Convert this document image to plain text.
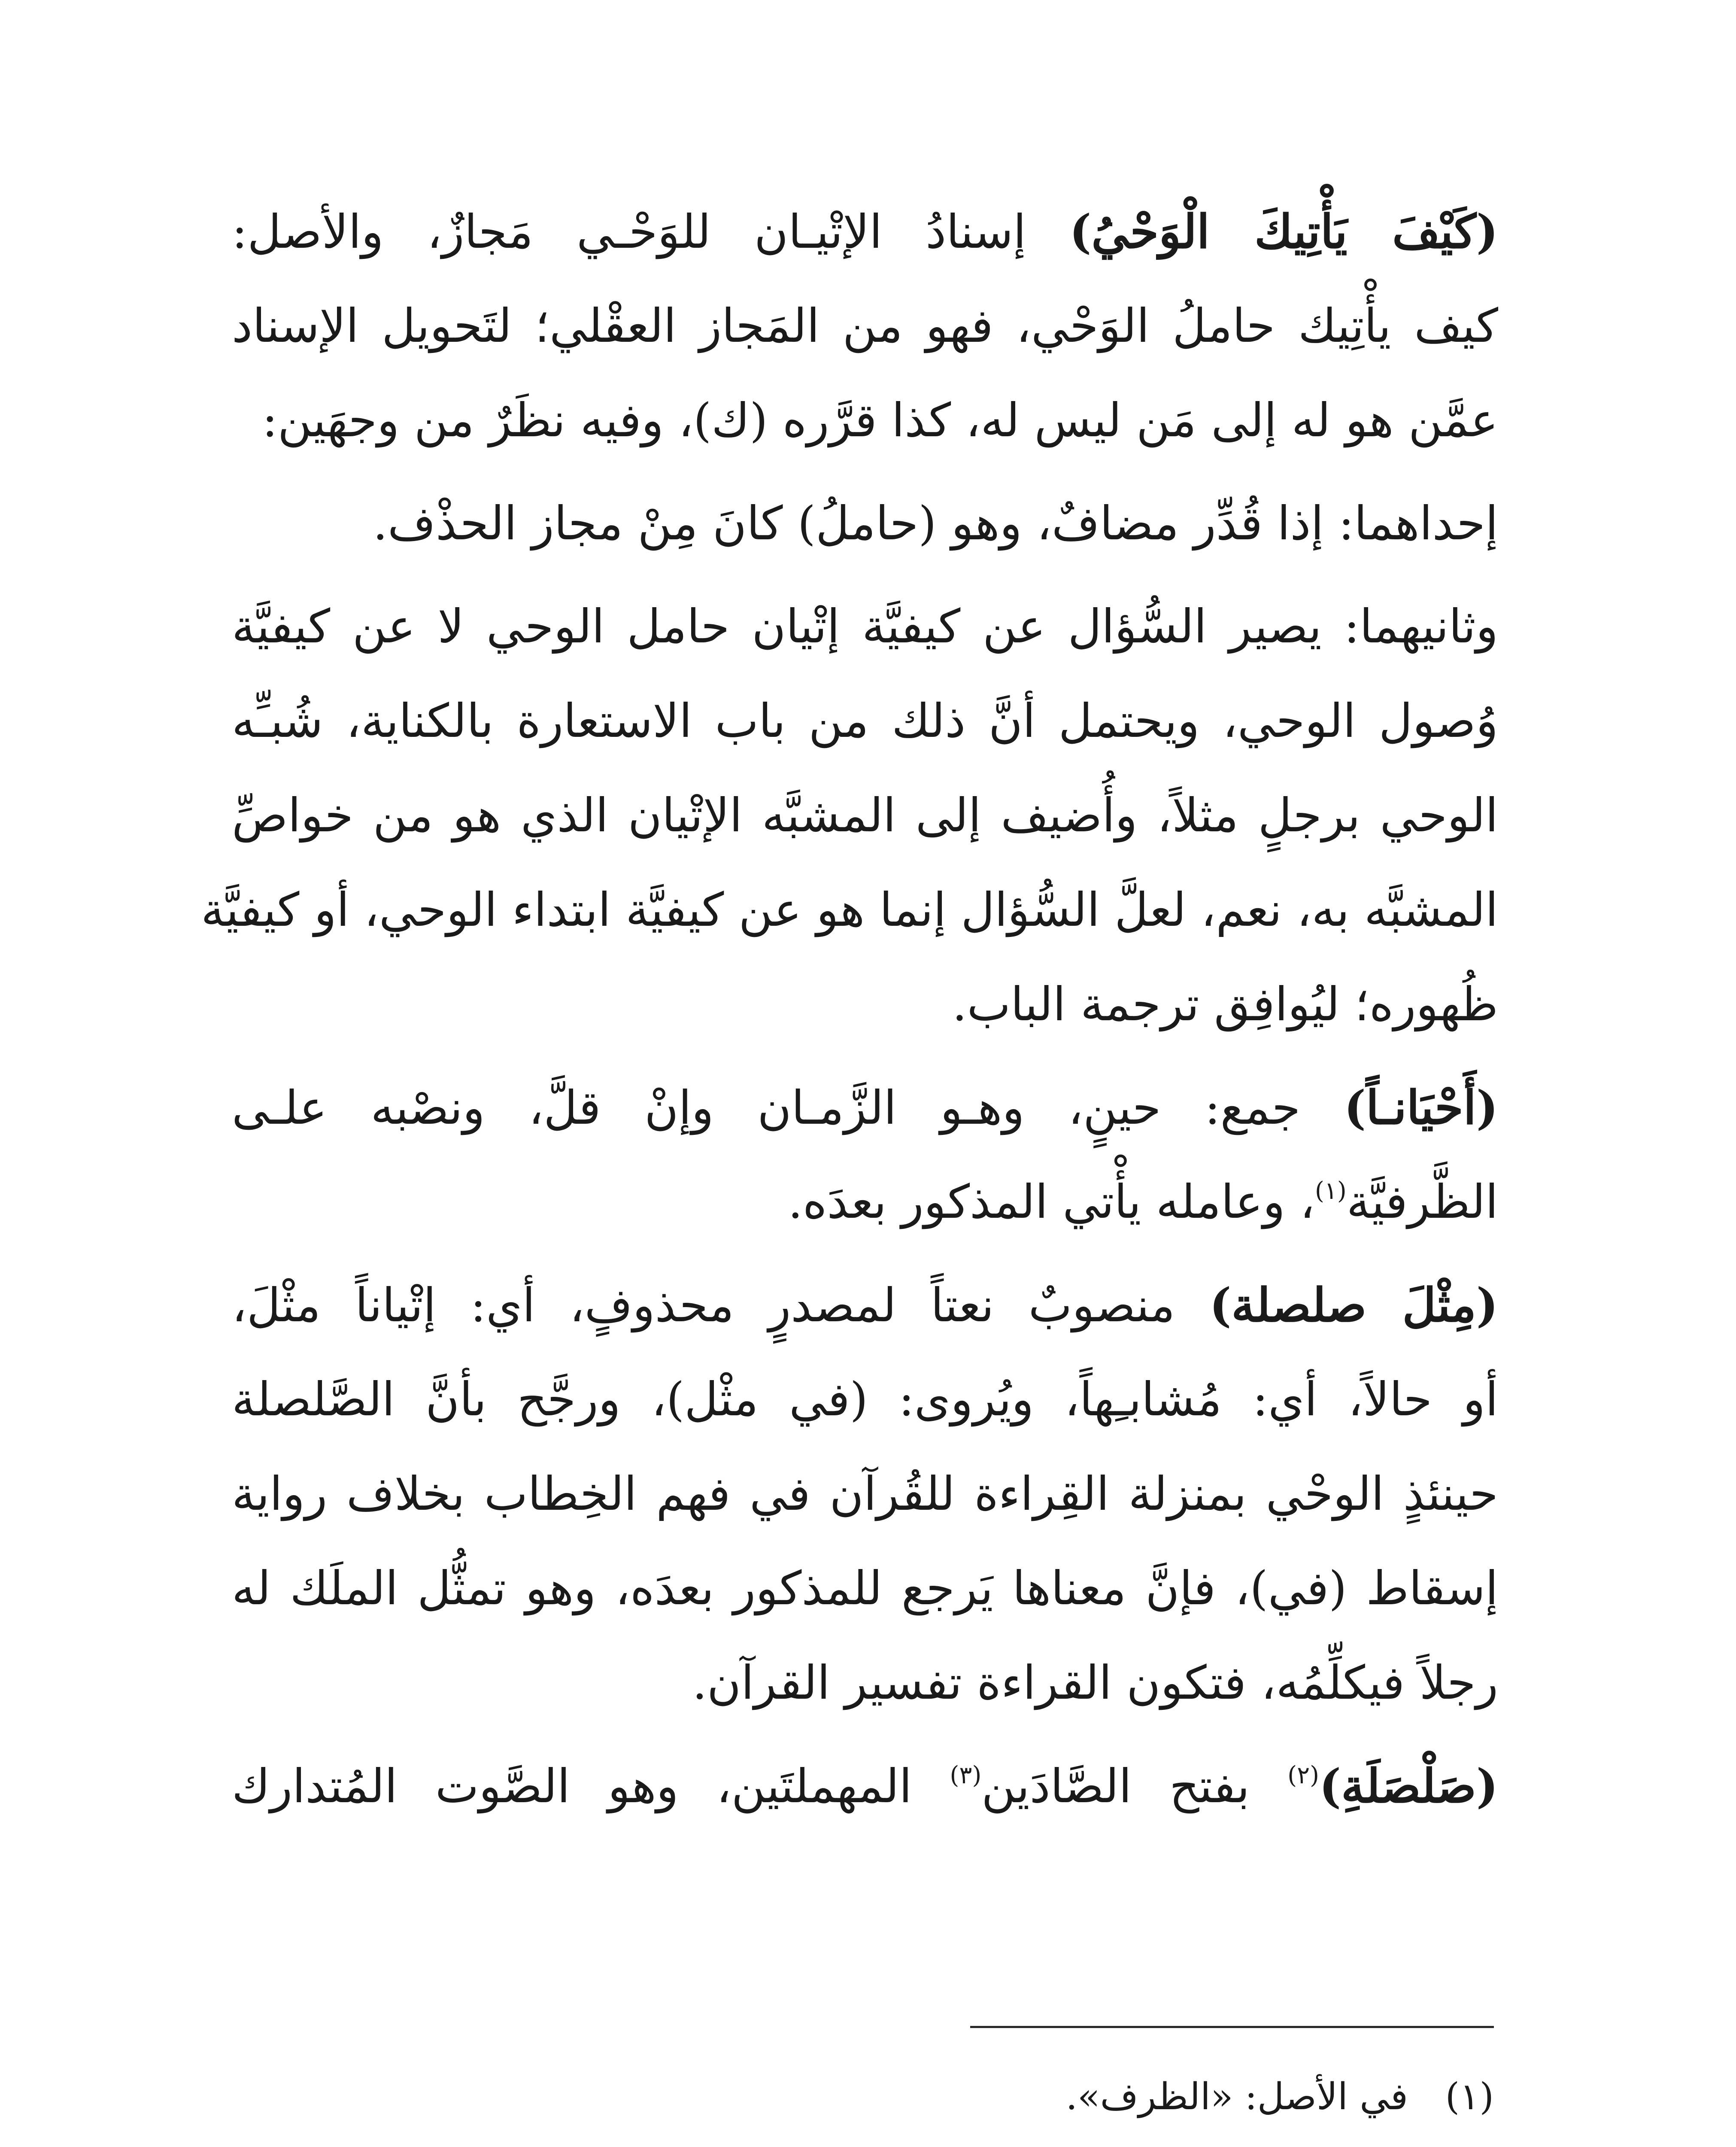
(كَيْفَ يَأْتِيكَ الْوَحْيُ) إسنادُ الإتْيـان للوَحْـي مَجازٌ، والأصل:
كيف يأْتِيك حاملُ الوَحْي، فهو من المَجاز العقْلي؛ لتَحويل الإسناد
عمَّن هو له إلى مَن ليس له، كذا قرَّره (ك)، وفيه نظَرٌ من وجهَين:
إحداهما: إذا قُدِّر مضافٌ، وهو (حاملُ) كانَ مِنْ مجاز الحذْف.
وثانيهما: يصير السُّؤال عن كيفيَّة إتْيان حامل الوحي لا عن كيفيَّة
وُصول الوحي، ويحتمل أنَّ ذلك من باب الاستعارة بالكناية، شُبـِّه
الوحي برجلٍ مثلاً، وأُضيف إلى المشبَّه الإتْيان الذي هو من خواصِّ
المشبَّه به، نعم، لعلَّ السُّؤال إنما هو عن كيفيَّة ابتداء الوحي، أو كيفيَّة
ظُهوره؛ ليُوافِق ترجمة الباب.
(أَحْيَانـاً) جمع: حينٍ، وهـو الزَّمـان وإنْ قلَّ، ونصْبه علـى
الظَّرفيَّة$^{(١)}$، وعامله يأْتي المذكور بعدَه.
(مِثْلَ صلصلة) منصوبٌ نعتاً لمصدرٍ محذوفٍ، أي: إتْياناً مثْلَ،
أو حالاً، أي: مُشابـِهاً، ويُروى: (في مثْل)، ورجَّح بأنَّ الصَّلصلة
حينئذٍ الوحْي بمنزلة القِراءة للقُرآن في فهم الخِطاب بخلاف رواية
إسقاط (في)، فإنَّ معناها يَرجع للمذكور بعدَه، وهو تمثُّل الملَك له
رجلاً فيكلِّمُه، فتكون القراءة تفسير القرآن.
(صَلْصَلَةِ)$^{(٢)}$ بفتح الصَّادَين$^{(٣)}$ المهملتَين، وهو الصَّوت المُتدارك
(١)في الأصل: «الظرف».
